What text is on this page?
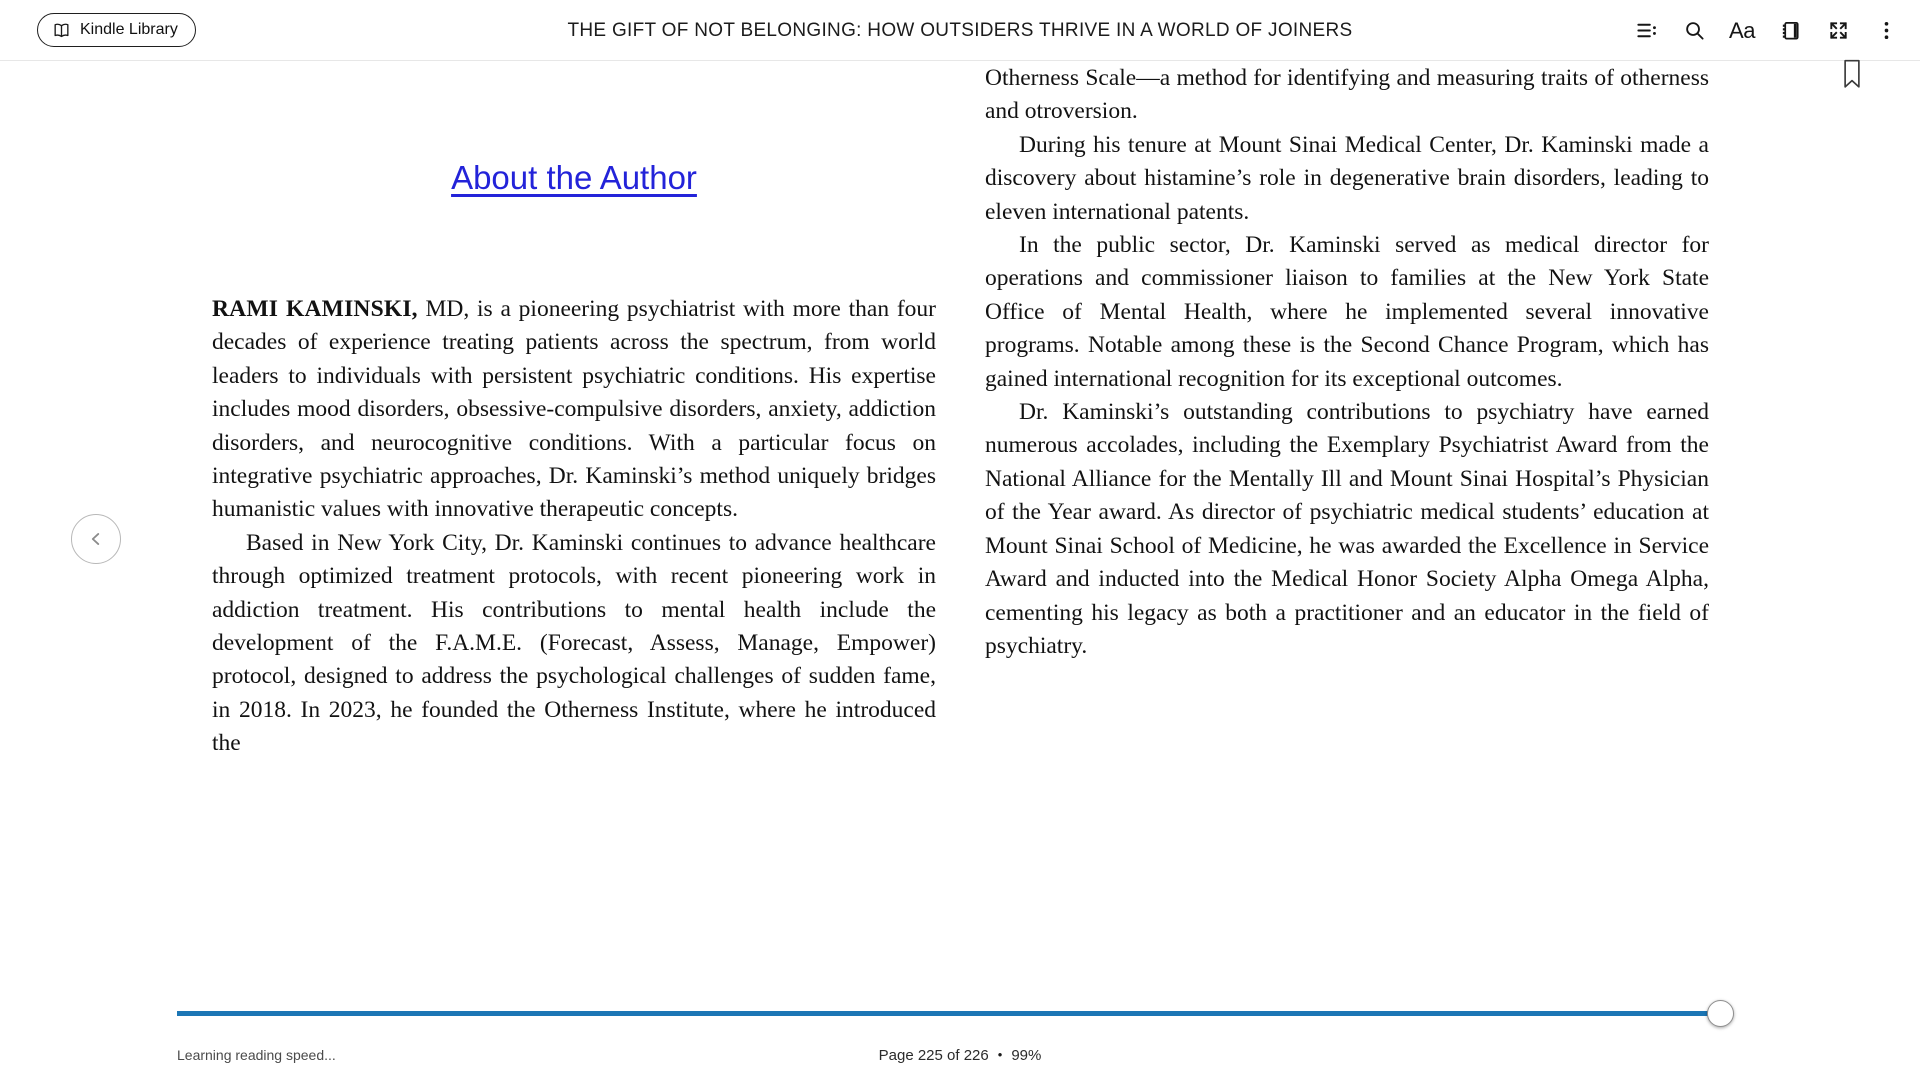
THE GIFT OF NOT BELONGING: HOW OUTSIDERS THRIVE IN A WORLD OF JOINERS
Kindle Library	Aa
About the Author

RAMI KAMINSKI, MD, is a pioneering psychiatrist with more than four decades of experience treating patients across the spectrum, from world leaders to individuals with persistent psychiatric conditions. His expertise includes mood disorders, obsessive-compulsive disorders, anxiety, addiction disorders, and neurocognitive conditions. With a particular focus on integrative psychiatric approaches, Dr. Kaminski’s method uniquely bridges humanistic values with innovative therapeutic concepts.

Based in New York City, Dr. Kaminski continues to advance healthcare through optimized treatment protocols, with recent pioneering work in addiction treatment. His contributions to mental health include the development of the F.A.M.E. (Forecast, Assess, Manage, Empower) protocol, designed to address the psychological challenges of sudden fame, in 2018. In 2023, he founded the Otherness Institute, where he introduced the

Otherness Scale—a method for identifying and measuring traits of otherness and otroversion.

During his tenure at Mount Sinai Medical Center, Dr. Kaminski made a discovery about histamine’s role in degenerative brain disorders, leading to eleven international patents.

In the public sector, Dr. Kaminski served as medical director for operations and commissioner liaison to families at the New York State Office of Mental Health, where he implemented several innovative programs. Notable among these is the Second Chance Program, which has gained international recognition for its exceptional outcomes.

Dr. Kaminski’s outstanding contributions to psychiatry have earned numerous accolades, including the Exemplary Psychiatrist Award from the National Alliance for the Mentally Ill and Mount Sinai Hospital’s Physician of the Year award. As director of psychiatric medical students’ education at Mount Sinai School of Medicine, he was awarded the Excellence in Service Award and inducted into the Medical Honor Society Alpha Omega Alpha, cementing his legacy as both a practitioner and an educator in the field of psychiatry.

Learning reading speed...	Page 225 of 226 • 99%
